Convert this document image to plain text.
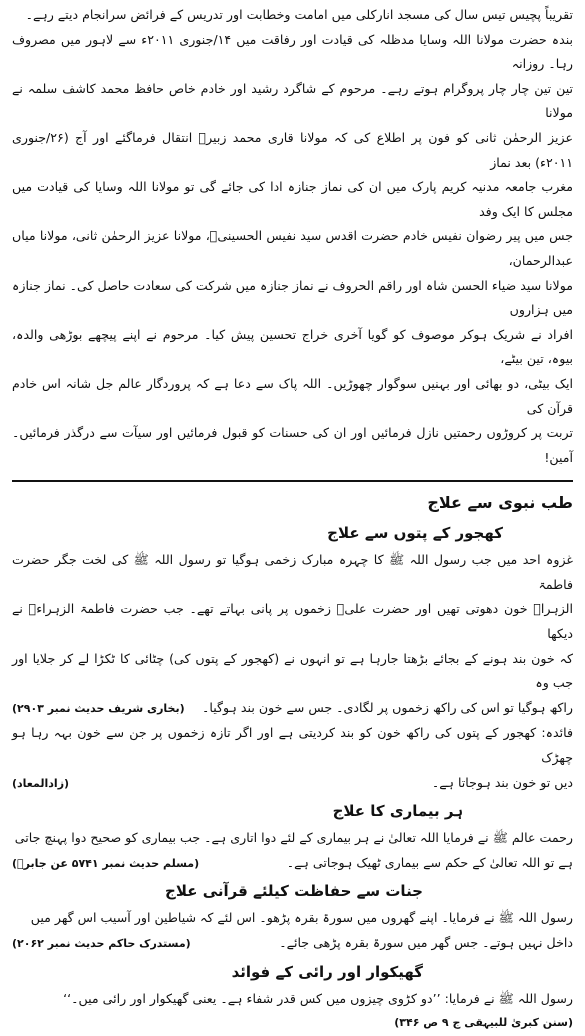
تقریباً پچیس تیس سال کی مسجد انارکلی میں امامت وخطابت اور تدریس کے فرائض سرانجام دیتے رہے۔

بندہ حضرت مولانا اللہ وسایا مدظلہ کی قیادت اور رفاقت میں ۱۴/جنوری ۲۰۱۱ء سے لاہور میں مصروف رہا۔ روزانہ

تین تین چار چار پروگرام ہوتے رہے۔ مرحوم کے شاگرد رشید اور خادم خاص حافظ محمد کاشف سلمہ نے مولانا

عزیز الرحمٰن ثانی کو فون پر اطلاع کی کہ مولانا قاری محمد زبیرؒ انتقال فرماگئے اور آج (۲۶/جنوری ۲۰۱۱ء) بعد نماز

مغرب جامعہ مدنیہ کریم پارک میں ان کی نماز جنازہ ادا کی جائے گی تو مولانا اللہ وسایا کی قیادت میں مجلس کا ایک وفد

جس میں پیر رضوان نفیس خادم حضرت اقدس سید نفیس الحسینیؒ، مولانا عزیز الرحمٰن ثانی، مولانا میاں عبدالرحمان،

مولانا سید ضیاء الحسن شاہ اور راقم الحروف نے نماز جنازہ میں شرکت کی سعادت حاصل کی۔ نماز جنازہ میں ہزاروں

افراد نے شریک ہوکر موصوف کو گویا آخری خراج تحسین پیش کیا۔ مرحوم نے اپنے پیچھے بوڑھی والدہ، بیوہ، تین بیٹے،

ایک بیٹی، دو بھائی اور بہنیں سوگوار چھوڑیں۔ اللہ پاک سے دعا ہے کہ پروردگار عالم جل شانہ اس خادم قرآن کی

تربت پر کروڑوں رحمتیں نازل فرمائیں اور ان کی حسنات کو قبول فرمائیں اور سیآت سے درگذر فرمائیں۔ آمین!

طب نبوی سے علاج
کھجور کے پتوں سے علاج

غزوہ احد میں جب رسول اللہ ﷺ کا چہرہ مبارک زخمی ہوگیا تو رسول اللہ ﷺ کی لخت جگر حضرت فاطمۃ

الزہراؓ خون دھوتی تھیں اور حضرت علیؓ زخموں پر پانی بہاتے تھے۔ جب حضرت فاطمۃ الزہراءؓ نے دیکھا

کہ خون بند ہونے کے بجائے بڑھتا جارہا ہے تو انہوں نے (کھجور کے پتوں کی) چٹائی کا ٹکڑا لے کر جلایا اور جب وہ

راکھ ہوگیا تو اس کی راکھ زخموں پر لگادی۔ جس سے خون بند ہوگیا۔
(بخاری شریف حدیث نمبر ۲۹۰۳)

فائدہ: کھجور کے پتوں کی راکھ خون کو بند کردیتی ہے اور اگر تازہ زخموں پر جن سے خون بہہ رہا ہو چھڑک

دیں تو خون بند ہوجاتا ہے۔
(زادالمعاد)
ہر بیماری کا علاج

رحمت عالم ﷺ نے فرمایا اللہ تعالیٰ نے ہر بیماری کے لئے دوا اتاری ہے۔ جب بیماری کو صحیح دوا پہنچ جاتی

ہے تو اللہ تعالیٰ کے حکم سے بیماری ٹھیک ہوجاتی ہے۔
(مسلم حدیث نمبر ۵۷۴۱ عن جابرؓ)
جنات سے حفاظت کیلئے قرآنی علاج

رسول اللہ ﷺ نے فرمایا۔ اپنے گھروں میں سورۃ بقرہ پڑھو۔ اس لئے کہ شیاطین اور آسیب اس گھر میں

داخل نہیں ہوتے۔ جس گھر میں سورۃ بقرہ پڑھی جائے۔
(مستدرک حاکم حدیث نمبر ۲۰۶۲)
گھیکوار اور رائی کے فوائد

رسول اللہ ﷺ نے فرمایا: ’’دو کڑوی چیزوں میں کس قدر شفاء ہے۔ یعنی گھیکوار اور رائی میں۔‘‘

(سنن کبریٰ للبیہقی ج ۹ ص ۳۴۶)
